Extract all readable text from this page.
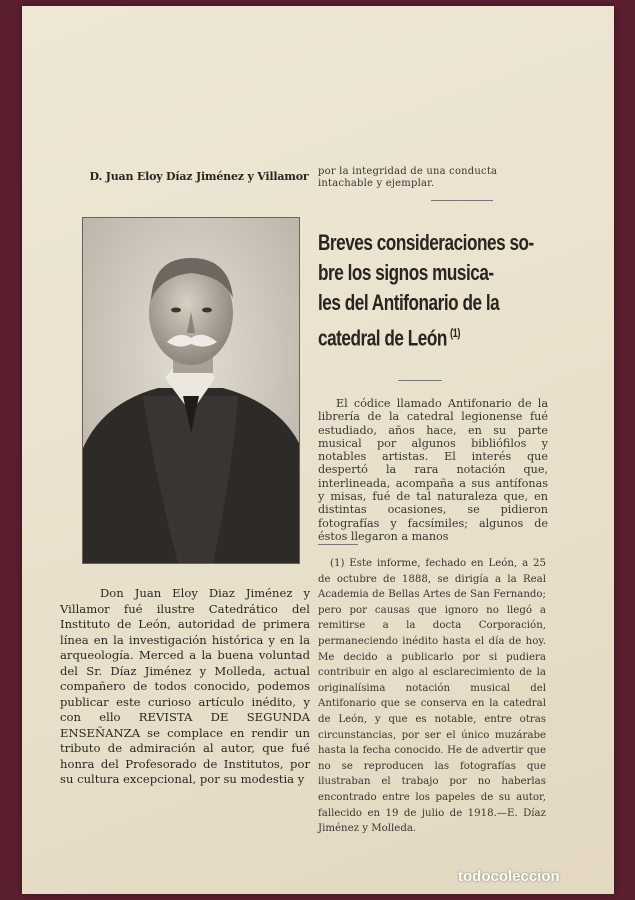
D. Juan Eloy Díaz Jiménez y Villamor
Don Juan Eloy Diaz Jiménez y Villamor fué ilustre Catedrático del Instituto de León, autoridad de primera línea en la investigación histórica y en la arqueología. Merced a la buena voluntad del Sr. Díaz Jiménez y Molleda, actual compañero de todos conocido, podemos publicar este curioso artículo inédito, y con ello REVISTA DE SEGUNDA ENSEÑANZA se complace en rendir un tributo de admiración al autor, que fué honra del Profesorado de Institutos, por su cultura excepcional, por su modestia y
por la integridad de una conducta intachable y ejemplar.
Breves consideraciones so-
bre los signos musica-
les del Antifonario de la
catedral de León $^{(1)}$
El códice llamado Antifonario de la librería de la catedral legionense fué estudiado, años hace, en su parte musical por algunos bibliófilos y notables artistas. El interés que despertó la rara notación que, interlineada, acompaña a sus antífonas y misas, fué de tal naturaleza que, en distintas ocasiones, se pidieron fotografías y facsímiles; algunos de éstos llegaron a manos
(1) Este informe, fechado en León, a 25 de octubre de 1888, se dirigía a la Real Academia de Bellas Artes de San Fernando; pero por causas que ignoro no llegó a remitirse a la docta Corporación, permaneciendo inédito hasta el día de hoy. Me decido a publicarlo por si pudiera contribuir en algo al esclarecimiento de la originalísima notación musical del Antifonario que se conserva en la catedral de León, y que es notable, entre otras circunstancias, por ser el único muzárabe hasta la fecha conocido. He de advertir que no se reproducen las fotografías que ilustraban el trabajo por no haberlas encontrado entre los papeles de su autor, fallecido en 19 de julio de 1918.—E. Díaz Jiménez y Molleda.
todocoleccion
